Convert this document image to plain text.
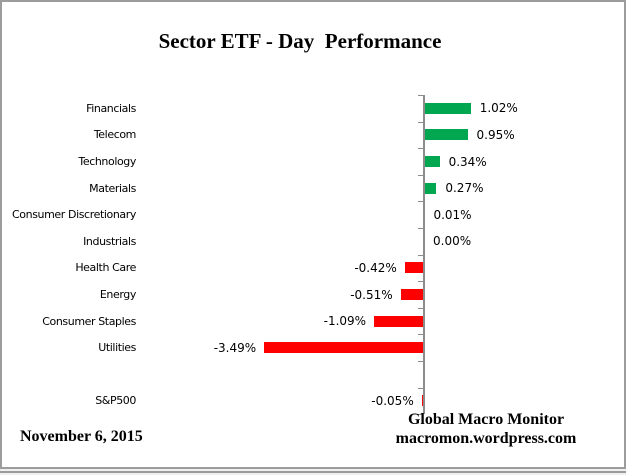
Sector ETF - Day  Performance
Financials	1.02%
Telecom	0.95%
Technology	0.34%
Materials	0.27%
Consumer Discretionary	0.01%
Industrials	0.00%
Health Care	-0.42%
Energy	-0.51%
Consumer Staples	-1.09%
Utilities	-3.49%
S&P500	-0.05%
November 6, 2015
Global Macro Monitor
macromon.wordpress.com
